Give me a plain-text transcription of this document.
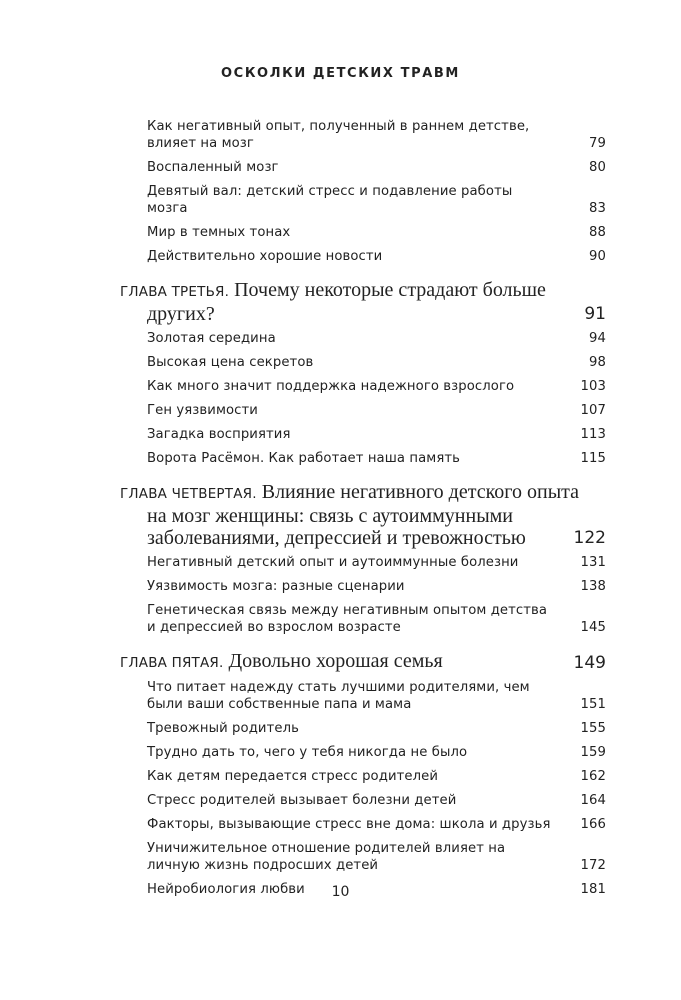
ОСКОЛКИ ДЕТСКИХ ТРАВМ
Как негативный опыт, полученный в раннем детстве, влияет на мозг	79
Воспаленный мозг	80
Девятый вал: детский стресс и подавление работы мозга	83
Мир в темных тонах	88
Действительно хорошие новости	90
ГЛАВА ТРЕТЬЯ. Почему некоторые страдают больше
других?	91
Золотая середина	94
Высокая цена секретов	98
Как много значит поддержка надежного взрослого	103
Ген уязвимости	107
Загадка восприятия	113
Ворота Расёмон. Как работает наша память	115
ГЛАВА ЧЕТВЕРТАЯ. Влияние негативного детского опыта
на мозг женщины: связь с аутоиммунными
заболеваниями, депрессией и тревожностью	122
Негативный детский опыт и аутоиммунные болезни	131
Уязвимость мозга: разные сценарии	138
Генетическая связь между негативным опытом детства и депрессией во взрослом возрасте	145
ГЛАВА ПЯТАЯ. Довольно хорошая семья	149
Что питает надежду стать лучшими родителями, чем были ваши собственные папа и мама	151
Тревожный родитель	155
Трудно дать то, чего у тебя никогда не было	159
Как детям передается стресс родителей	162
Стресс родителей вызывает болезни детей	164
Факторы, вызывающие стресс вне дома: школа и друзья 166
Уничижительное отношение родителей влияет на личную жизнь подросших детей	172
Нейробиология любви	181
10
